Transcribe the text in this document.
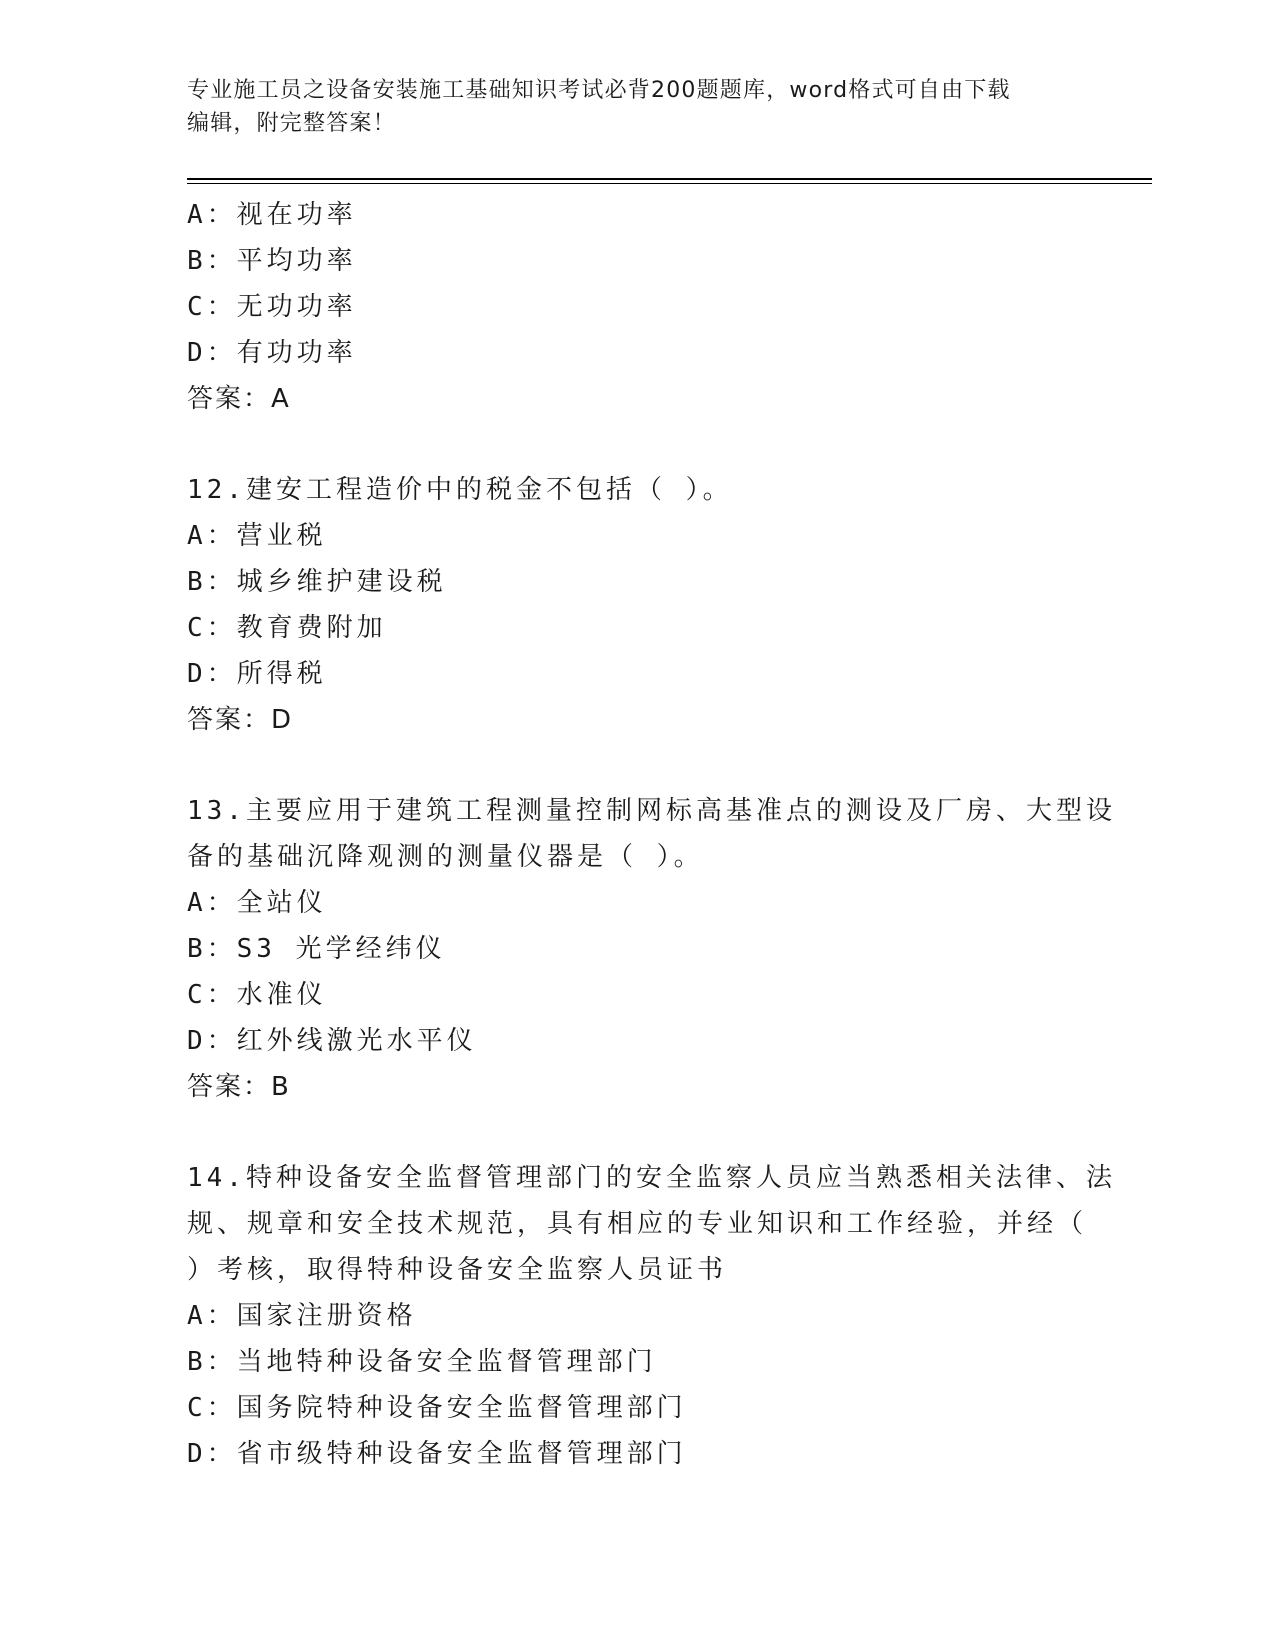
专业施工员之设备安装施工基础知识考试必背200题题库，word格式可自由下载
编辑，附完整答案！
A：视在功率
B：平均功率
C：无功功率
D：有功功率
答案：A
12.建安工程造价中的税金不包括（ ）。
A：营业税
B：城乡维护建设税
C：教育费附加
D：所得税
答案：D
13.主要应用于建筑工程测量控制网标高基准点的测设及厂房、大型设
备的基础沉降观测的测量仪器是（ ）。
A：全站仪
B：S3 光学经纬仪
C：水准仪
D：红外线激光水平仪
答案：B
14.特种设备安全监督管理部门的安全监察人员应当熟悉相关法律、法
规、规章和安全技术规范，具有相应的专业知识和工作经验，并经（
）考核，取得特种设备安全监察人员证书
A：国家注册资格
B：当地特种设备安全监督管理部门
C：国务院特种设备安全监督管理部门
D：省市级特种设备安全监督管理部门
